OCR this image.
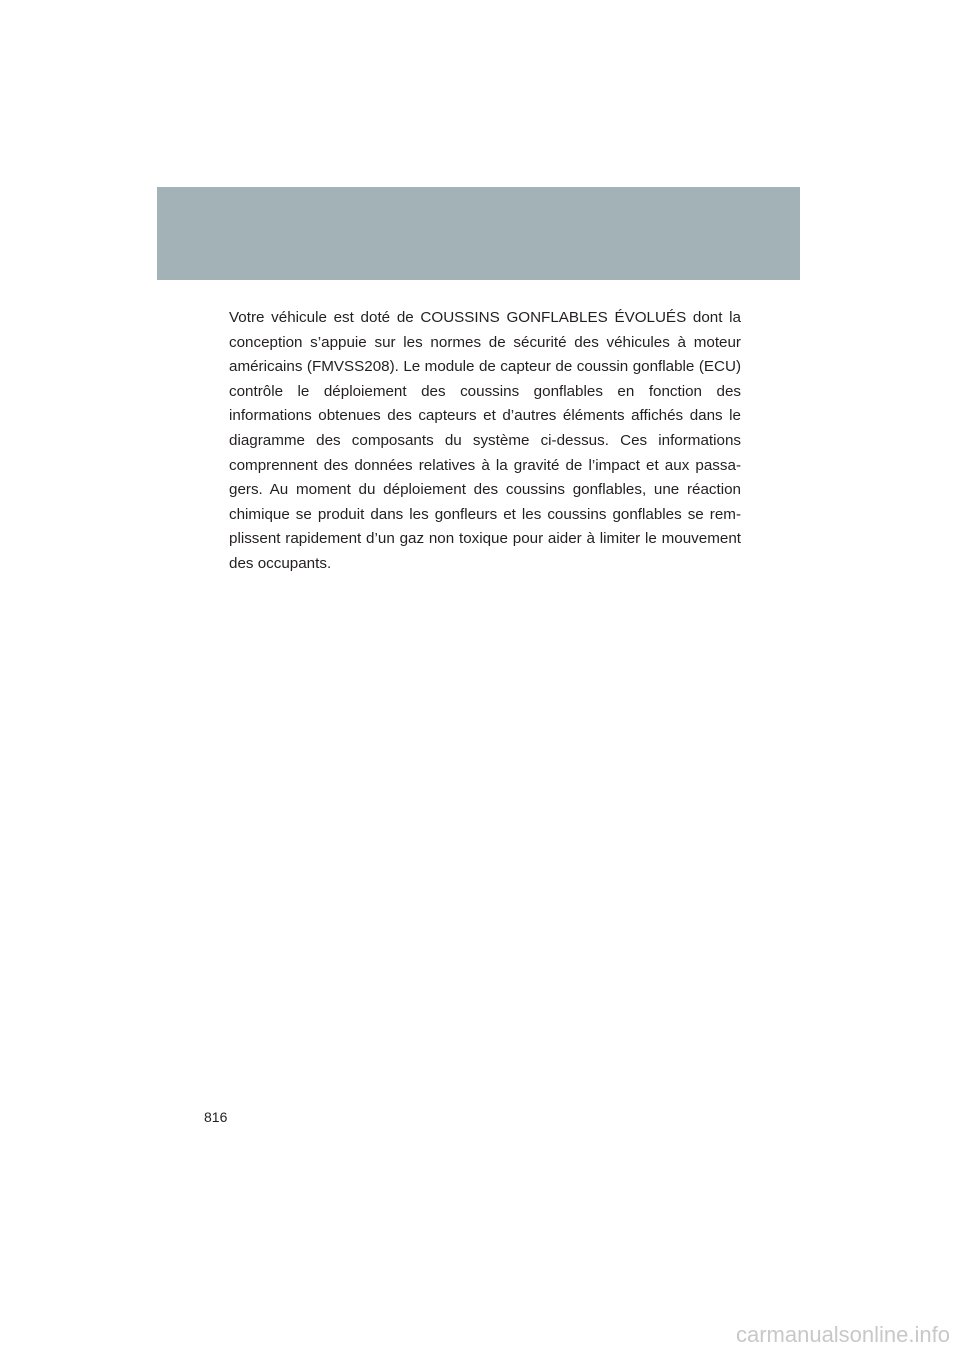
Votre véhicule est doté de COUSSINS GONFLABLES ÉVOLUÉS dont la conception s’appuie sur les normes de sécurité des véhicules à moteur américains (FMVSS208). Le module de capteur de coussin gonflable (ECU) contrôle le déploiement des coussins gonflables en fonction des informations obtenues des capteurs et d’autres éléments affichés dans le diagramme des composants du système ci-dessus. Ces informations comprennent des données relatives à la gravité de l’impact et aux passagers. Au moment du déploiement des coussins gonflables, une réaction chimique se produit dans les gonfleurs et les coussins gonflables se remplissent rapidement d’un gaz non toxique pour aider à limiter le mouvement des occupants.

816

carmanualsonline.info
